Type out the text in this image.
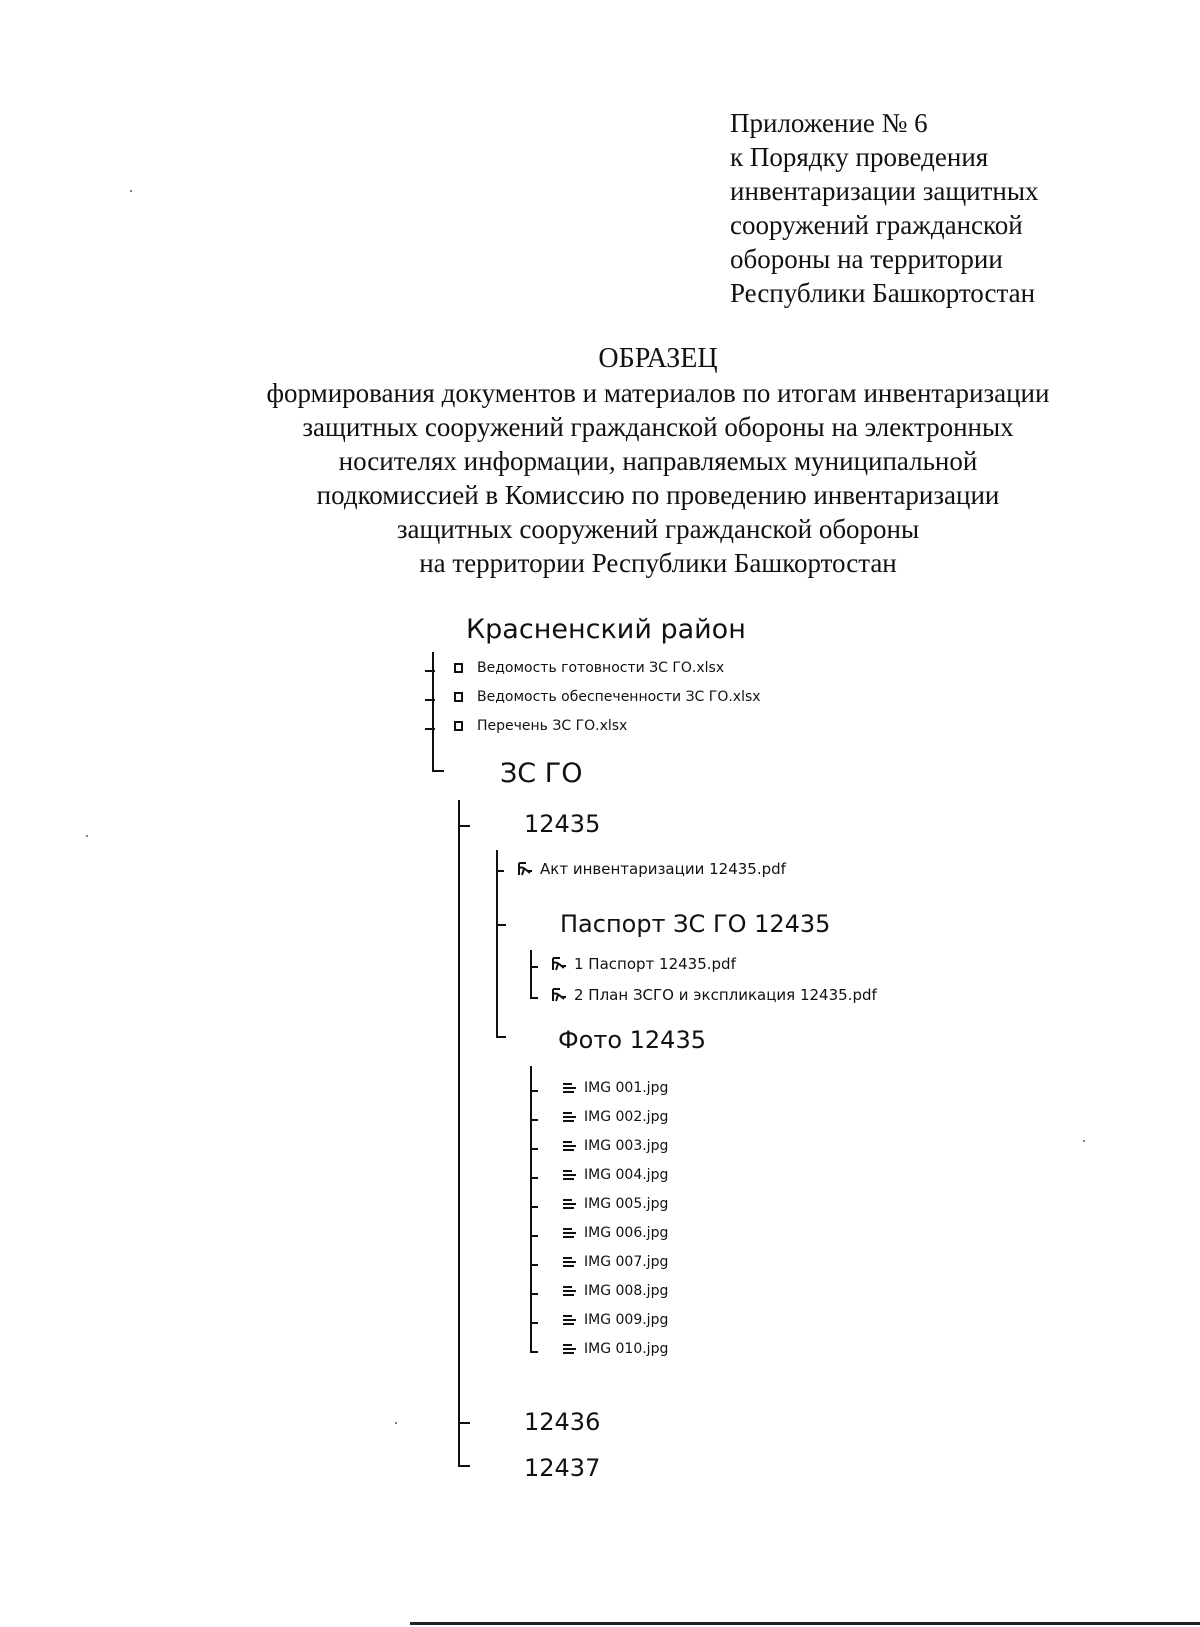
Приложение № 6
к Порядку проведения
инвентаризации защитных
сооружений гражданской
обороны на территории
Республики Башкортостан
ОБРАЗЕЦ
формирования документов и материалов по итогам инвентаризации
защитных сооружений гражданской обороны на электронных
носителях информации, направляемых муниципальной
подкомиссией в Комиссию по проведению инвентаризации
защитных сооружений гражданской обороны
на территории Республики Башкортостан
Красненский район
Ведомость готовности ЗС ГО.xlsx
Ведомость обеспеченности ЗС ГО.xlsx
Перечень ЗС ГО.xlsx
ЗС ГО
12435
Акт инвентаризации 12435.pdf
Паспорт ЗС ГО 12435
1 Паспорт 12435.pdf
2 План ЗСГО и экспликация 12435.pdf
Фото 12435
IMG 001.jpg
IMG 002.jpg
IMG 003.jpg
IMG 004.jpg
IMG 005.jpg
IMG 006.jpg
IMG 007.jpg
IMG 008.jpg
IMG 009.jpg
IMG 010.jpg
12436
12437
